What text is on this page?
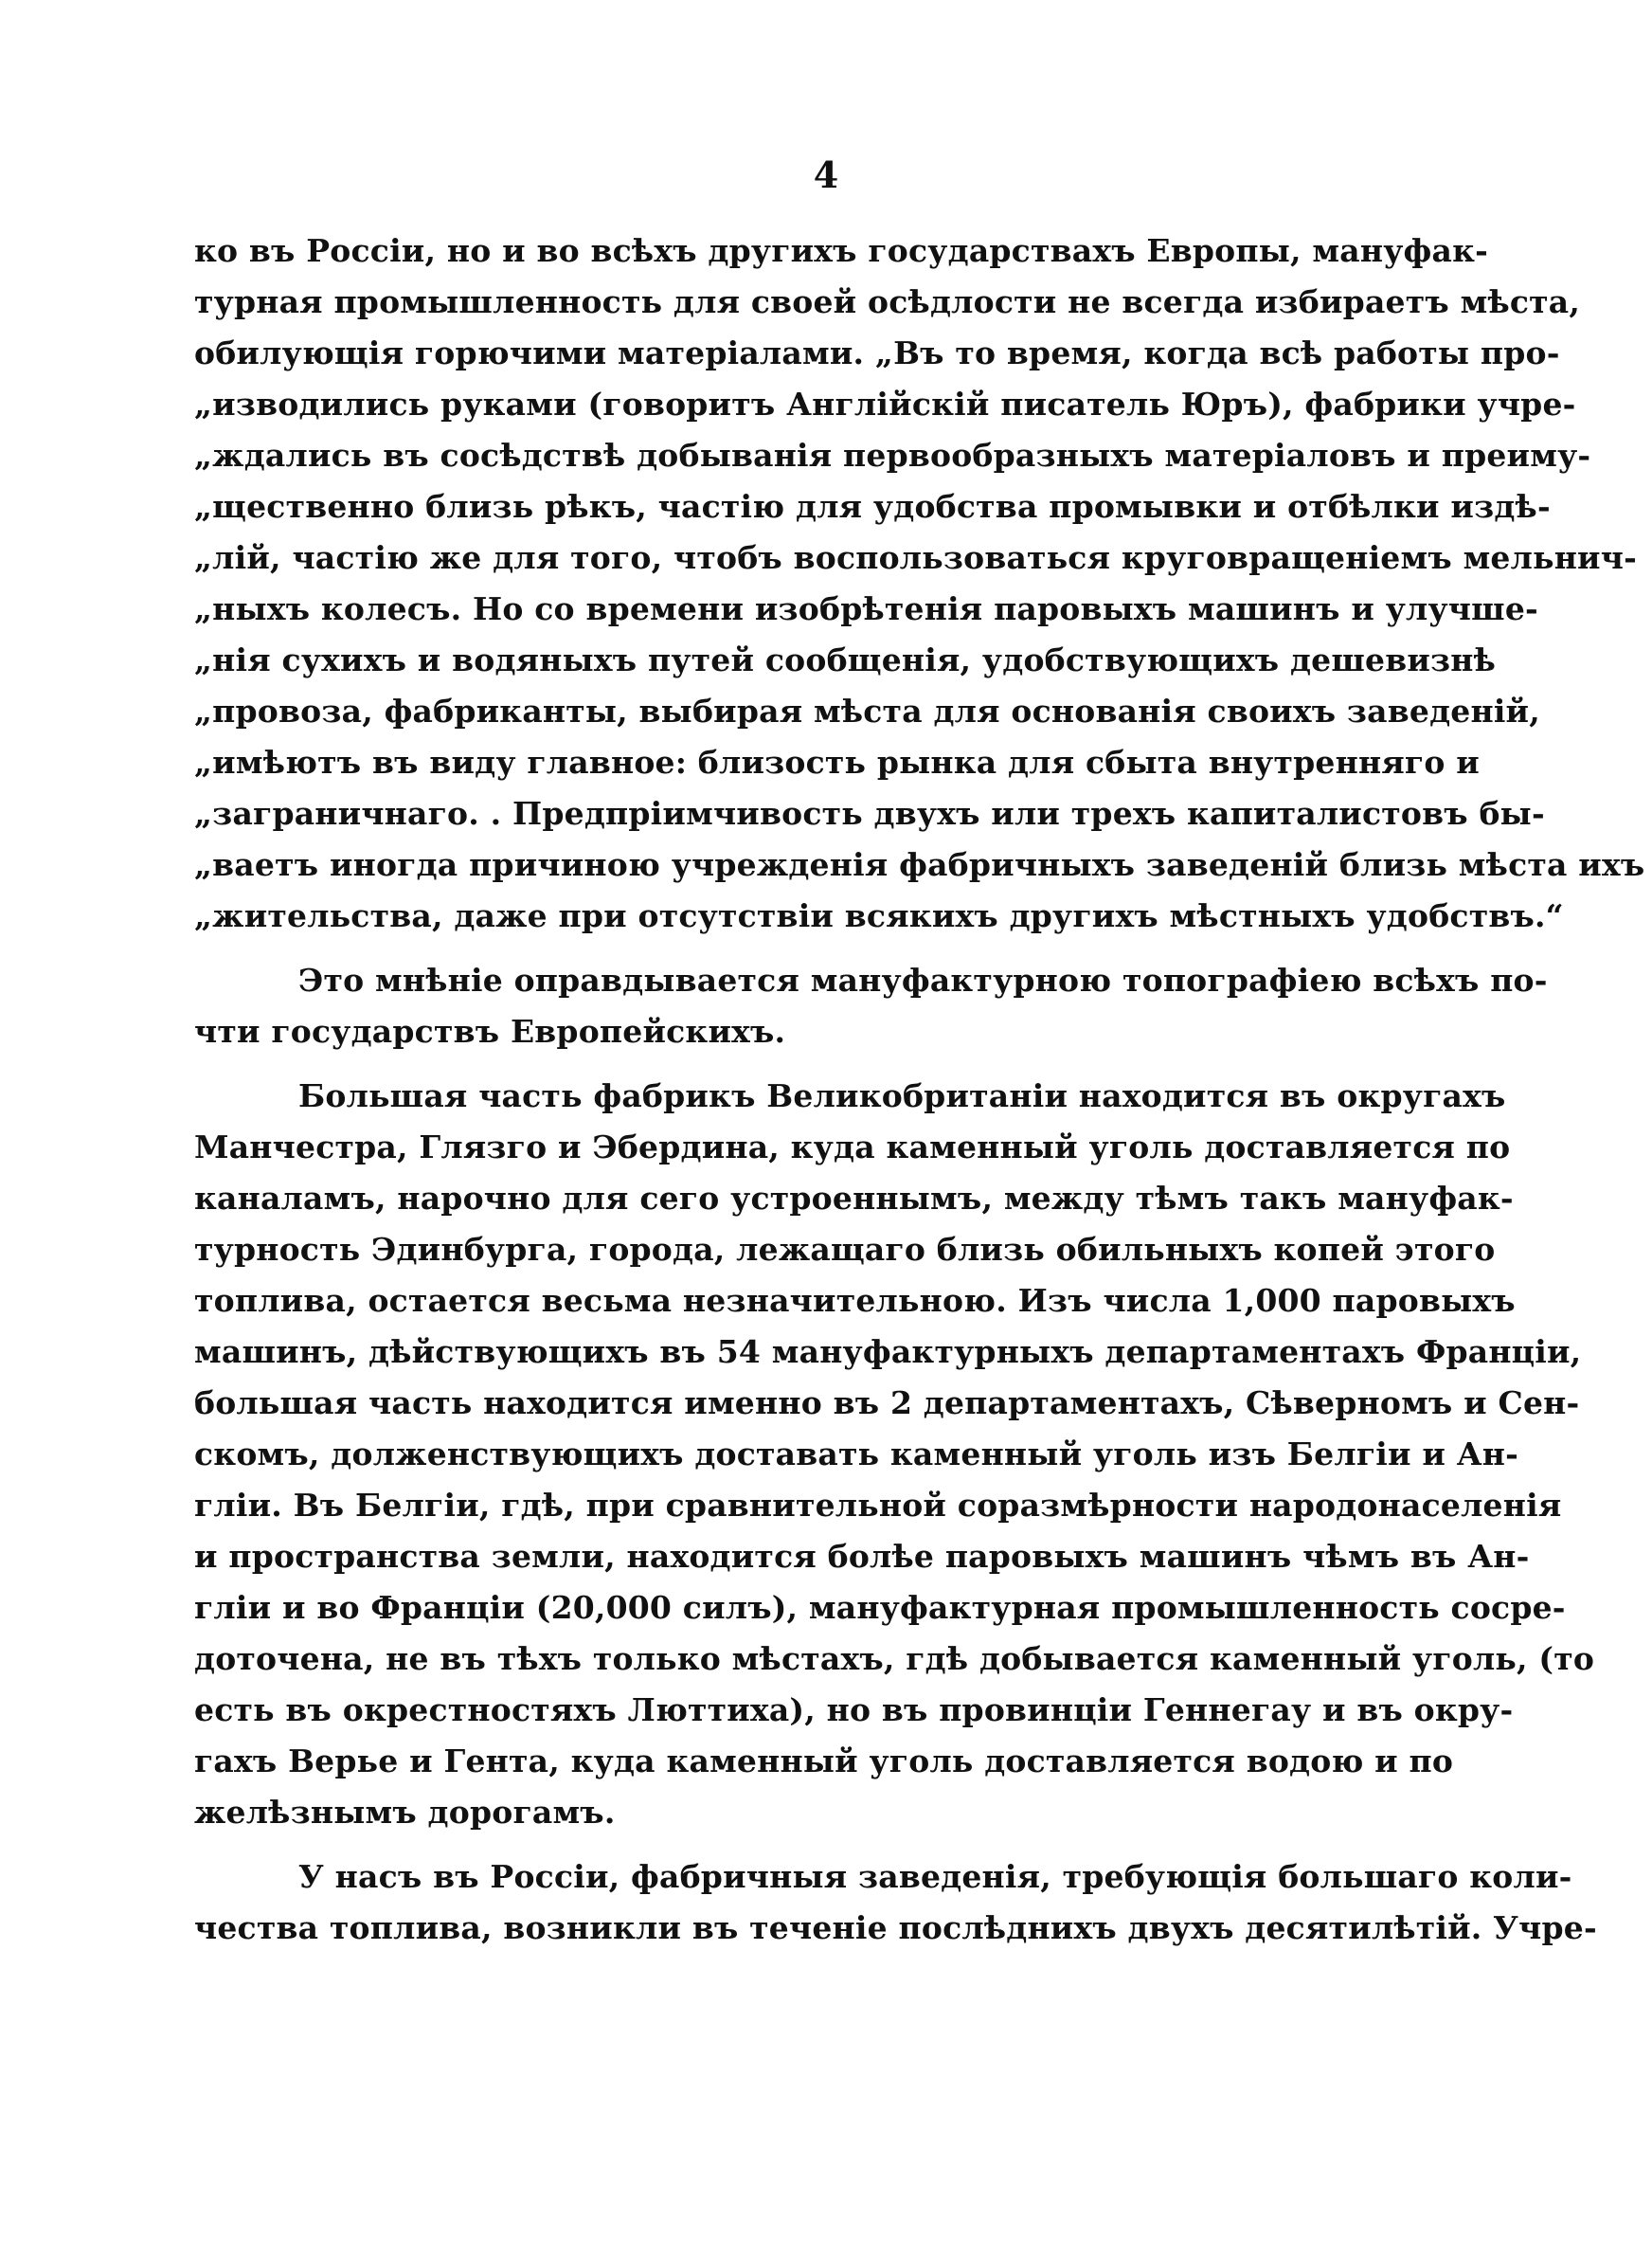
4
ко въ Россіи, но и во всѣхъ другихъ государствахъ Европы, мануфак-
турная промышленность для своей осѣдлости не всегда избираетъ мѣста,
обилующія горючими матеріалами. „Въ то время, когда всѣ работы про-
„изводились руками (говоритъ Англійскій писатель Юръ), фабрики учре-
„ждались въ сосѣдствѣ добыванія первообразныхъ матеріаловъ и преиму-
„щественно близь рѣкъ, частію для удобства промывки и отбѣлки издѣ-
„лій, частію же для того, чтобъ воспользоваться круговращеніемъ мельнич-
„ныхъ колесъ. Но со времени изобрѣтенія паровыхъ машинъ и улучше-
„нія сухихъ и водяныхъ путей сообщенія, удобствующихъ дешевизнѣ
„провоза, фабриканты, выбирая мѣста для основанія своихъ заведеній,
„имѣютъ въ виду главное: близость рынка для сбыта внутренняго и
„заграничнаго. . Предпріимчивость двухъ или трехъ капиталистовъ бы-
„ваетъ иногда причиною учрежденія фабричныхъ заведеній близь мѣста ихъ
„жительства, даже при отсутствіи всякихъ другихъ мѣстныхъ удобствъ.“
Это мнѣніе оправдывается мануфактурною топографіею всѣхъ по-
чти государствъ Европейскихъ.
Большая часть фабрикъ Великобританіи находится въ округахъ
Манчестра, Глязго и Эбердина, куда каменный уголь доставляется по
каналамъ, нарочно для сего устроеннымъ, между тѣмъ такъ мануфак-
турность Эдинбурга, города, лежащаго близь обильныхъ копей этого
топлива, остается весьма незначительною. Изъ числа 1,000 паровыхъ
машинъ, дѣйствующихъ въ 54 мануфактурныхъ департаментахъ Франціи,
большая часть находится именно въ 2 департаментахъ, Сѣверномъ и Сен-
скомъ, долженствующихъ доставать каменный уголь изъ Белгіи и Ан-
гліи. Въ Белгіи, гдѣ, при сравнительной соразмѣрности народонаселенія
и пространства земли, находится болѣе паровыхъ машинъ чѣмъ въ Ан-
гліи и во Франціи (20,000 силъ), мануфактурная промышленность сосре-
доточена, не въ тѣхъ только мѣстахъ, гдѣ добывается каменный уголь, (то
есть въ окрестностяхъ Люттиха), но въ провинціи Геннегау и въ окру-
гахъ Верье и Гента, куда каменный уголь доставляется водою и по
желѣзнымъ дорогамъ.
У насъ въ Россіи, фабричныя заведенія, требующія большаго коли-
чества топлива, возникли въ теченіе послѣднихъ двухъ десятилѣтій. Учре-
